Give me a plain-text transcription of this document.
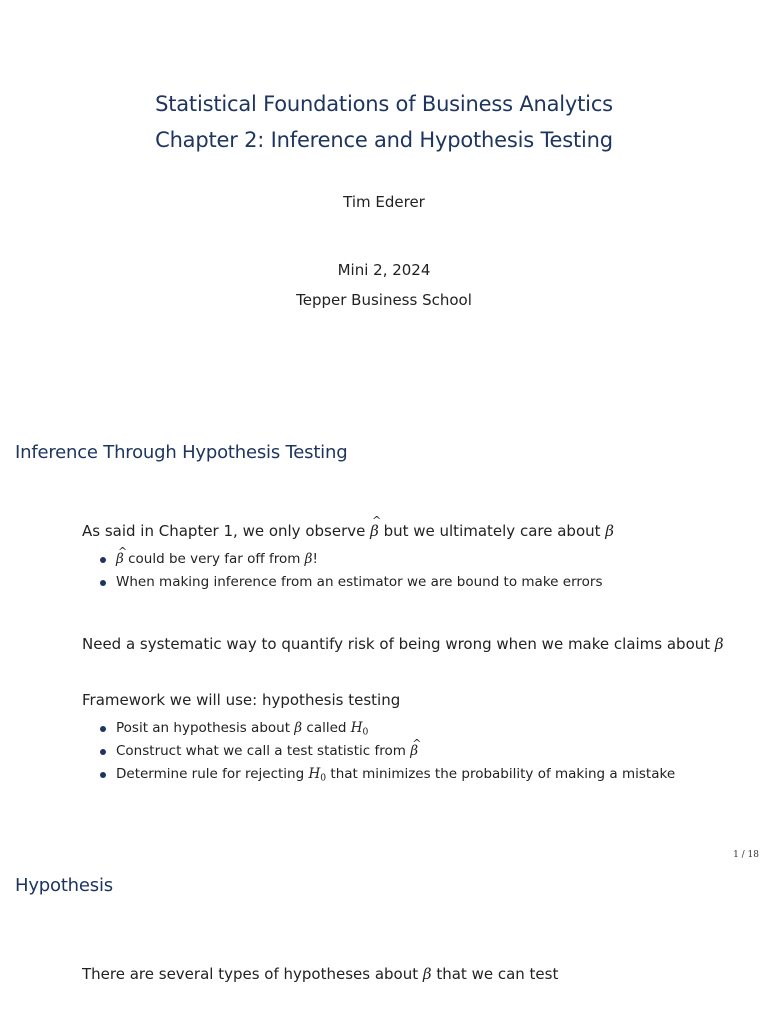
Statistical Foundations of Business Analytics
Chapter 2: Inference and Hypothesis Testing
Tim Ederer
Mini 2, 2024
Tepper Business School
Inference Through Hypothesis Testing
As said in Chapter 1, we only observe ^ β but we ultimately care about β
^ β could be very far off from β!
When making inference from an estimator we are bound to make errors
Need a systematic way to quantify risk of being wrong when we make claims about β
Framework we will use: hypothesis testing
Posit an hypothesis about β called $H_0$
Construct what we call a test statistic from ^ β
Determine rule for rejecting $H_0$ that minimizes the probability of making a mistake
1 / 18
Hypothesis
There are several types of hypotheses about β that we can test
